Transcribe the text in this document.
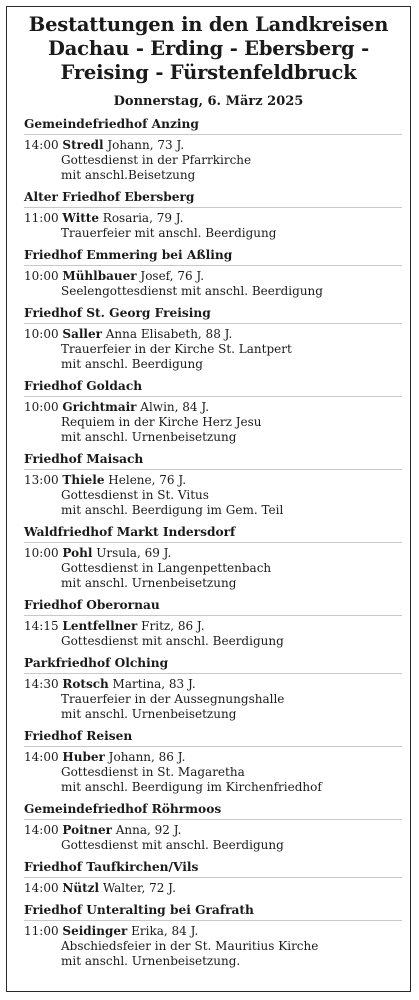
Bestattungen in den Landkreisen
Dachau - Erding - Ebersberg -
Freising - Fürstenfeldbruck
Donnerstag, 6. März 2025
Gemeindefriedhof Anzing
14:00 Stredl Johann, 73 J.
Gottesdienst in der Pfarrkirche
mit anschl.Beisetzung
Alter Friedhof Ebersberg
11:00 Witte Rosaria, 79 J.
Trauerfeier mit anschl. Beerdigung
Friedhof Emmering bei Aßling
10:00 Mühlbauer Josef, 76 J.
Seelengottesdienst mit anschl. Beerdigung
Friedhof St. Georg Freising
10:00 Saller Anna Elisabeth, 88 J.
Trauerfeier in der Kirche St. Lantpert
mit anschl. Beerdigung
Friedhof Goldach
10:00 Grichtmair Alwin, 84 J.
Requiem in der Kirche Herz Jesu
mit anschl. Urnenbeisetzung
Friedhof Maisach
13:00 Thiele Helene, 76 J.
Gottesdienst in St. Vitus
mit anschl. Beerdigung im Gem. Teil
Waldfriedhof Markt Indersdorf
10:00 Pohl Ursula, 69 J.
Gottesdienst in Langenpettenbach
mit anschl. Urnenbeisetzung
Friedhof Oberornau
14:15 Lentfellner Fritz, 86 J.
Gottesdienst mit anschl. Beerdigung
Parkfriedhof Olching
14:30 Rotsch Martina, 83 J.
Trauerfeier in der Aussegnungshalle
mit anschl. Urnenbeisetzung
Friedhof Reisen
14:00 Huber Johann, 86 J.
Gottesdienst in St. Magaretha
mit anschl. Beerdigung im Kirchenfriedhof
Gemeindefriedhof Röhrmoos
14:00 Poitner Anna, 92 J.
Gottesdienst mit anschl. Beerdigung
Friedhof Taufkirchen/Vils
14:00 Nützl Walter, 72 J.
Friedhof Unteralting bei Grafrath
11:00 Seidinger Erika, 84 J.
Abschiedsfeier in der St. Mauritius Kirche
mit anschl. Urnenbeisetzung.
